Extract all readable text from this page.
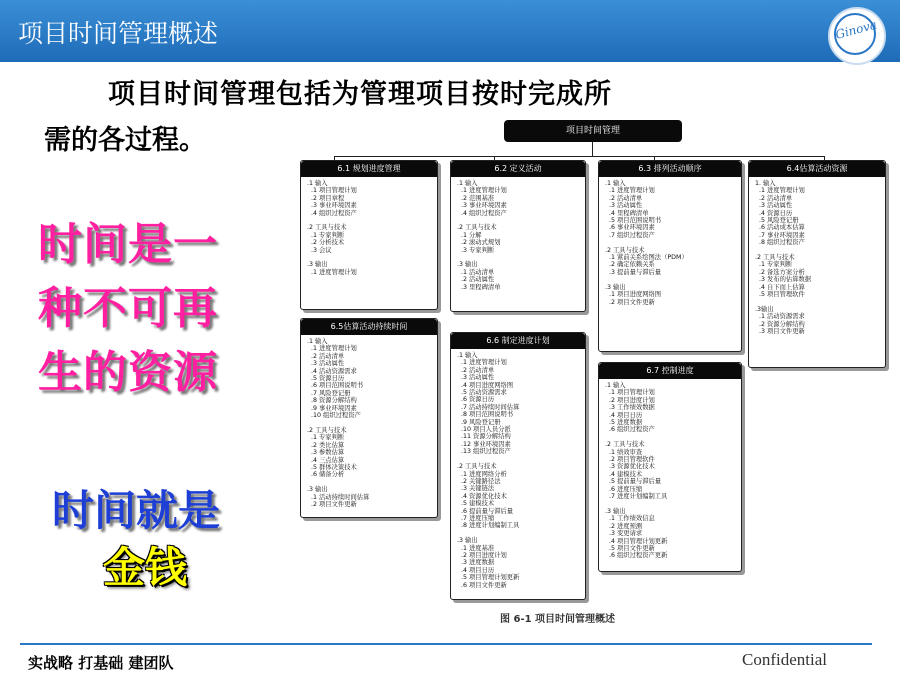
项目时间管理概述	Ginova
项目时间管理包括为管理项目按时完成所
需的各过程。
时间是一
种不可再
生的资源
时间就是
金钱
项目时间管理
6.1 规划进度管理
.1 输入
.1 项目管理计划
.2 项目章程
.3 事业环境因素
.4 组织过程资产

.2 工具与技术
.1 专家判断
.2 分析技术
.3 会议

.3 输出
.1 进度管理计划
6.2 定义活动
.1 输入
.1 进度管理计划
.2 范围基准
.3 事业环境因素
.4 组织过程资产

.2 工具与技术
.1 分解
.2 滚动式规划
.3 专家判断

.3 输出
.1 活动清单
.2 活动属性
.3 里程碑清单
6.3 排列活动顺序
.1 输入
.1 进度管理计划
.2 活动清单
.3 活动属性
.4 里程碑清单
.5 项目范围说明书
.6 事业环境因素
.7 组织过程资产

.2 工具与技术
.1 紧前关系绘图法（PDM）
.2 确定依赖关系
.3 提前量与滞后量

.3 输出
.1 项目进度网络图
.2 项目文件更新
6.4估算活动资源
1. 输入
.1 进度管理计划
.2 活动清单
.3 活动属性
.4 资源日历
.5 风险登记册
.6 活动成本估算
.7 事业环境因素
.8 组织过程资产

.2 工具与技术
.1 专家判断
.2 备选方案分析
.3 发布的估算数据
.4 自下而上估算
.5 项目管理软件

.3输出
.1 活动资源需求
.2 资源分解结构
.3 项目文件更新
6.5估算活动持续时间
.1 输入
.1 进度管理计划
.2 活动清单
.3 活动属性
.4 活动资源需求
.5 资源日历
.6 项目范围说明书
.7 风险登记册
.8 资源分解结构
.9 事业环境因素
.10 组织过程资产

.2 工具与技术
.1 专家判断
.2 类比估算
.3 参数估算
.4 三点估算
.5 群体决策技术
.6 储备分析

.3 输出
.1 活动持续时间估算
.2 项目文件更新
6.6 制定进度计划
.1 输入
.1 进度管理计划
.2 活动清单
.3 活动属性
.4 项目进度网络图
.5 活动资源需求
.6 资源日历
.7 活动持续时间估算
.8 项目范围说明书
.9 风险登记册
.10 项目人员分派
.11 资源分解结构
.12 事业环境因素
.13 组织过程资产

.2 工具与技术
.1 进度网络分析
.2 关键路径法
.3 关键链法
.4 资源优化技术
.5 建模技术
.6 提前量与滞后量
.7 进度压缩
.8 进度计划编制工具

.3 输出
.1 进度基准
.2 项目进度计划
.3 进度数据
.4 项目日历
.5 项目管理计划更新
.6 项目文件更新
6.7 控制进度
.1 输入
.1 项目管理计划
.2 项目进度计划
.3 工作绩效数据
.4 项目日历
.5 进度数据
.6 组织过程资产

.2 工具与技术
.1 绩效审查
.2 项目管理软件
.3 资源优化技术
.4 建模技术
.5 提前量与滞后量
.6 进度压缩
.7 进度计划编制工具

.3 输出
.1 工作绩效信息
.2 进度预测
.3 变更请求
.4 项目管理计划更新
.5 项目文件更新
.6 组织过程资产更新
图 6-1 项目时间管理概述
实战略 打基础 建团队	Confidential
